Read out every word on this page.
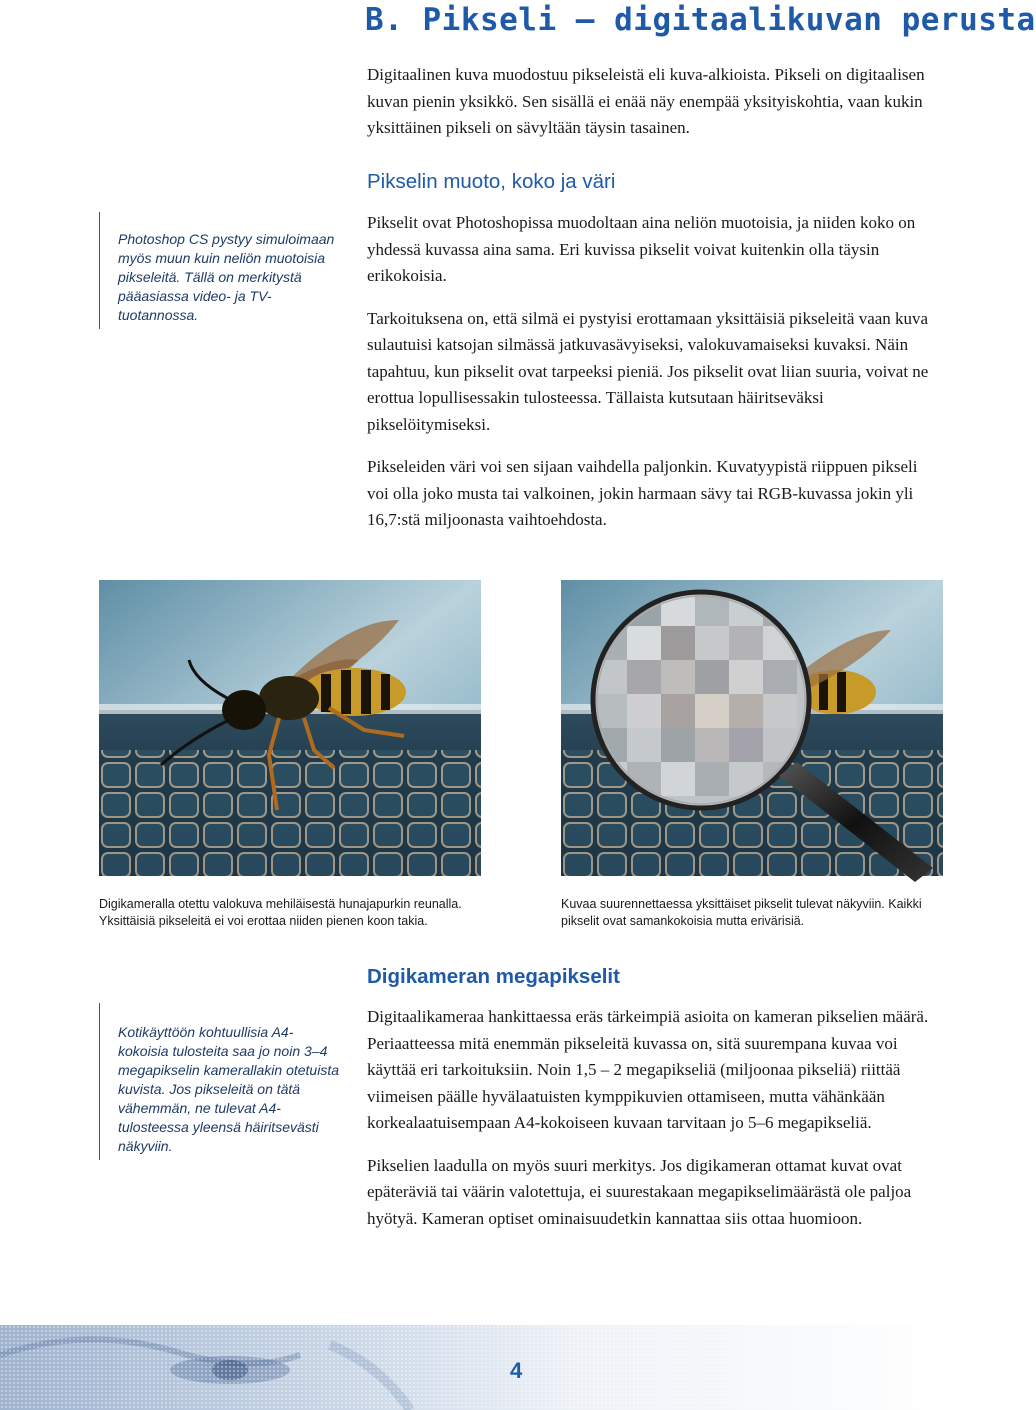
B. Pikseli – digitaalikuvan perusta

Digitaalinen kuva muodostuu pikseleistä eli kuva-alkioista. Pikseli on digitaalisen kuvan pienin yksikkö. Sen sisällä ei enää näy enempää yksityiskohtia, vaan kukin yksittäinen pikseli on sävyltään täysin tasainen.

Pikselin muoto, koko ja väri

Pikselit ovat Photoshopissa muodoltaan aina neliön muotoisia, ja niiden koko on yhdessä kuvassa aina sama. Eri kuvissa pikselit voivat kuitenkin olla täysin erikokoisia.

Tarkoituksena on, että silmä ei pystyisi erottamaan yksittäisiä pikseleitä vaan kuva sulautuisi katsojan silmässä jatkuvasävyiseksi, valokuvamaiseksi kuvaksi. Näin tapahtuu, kun pikselit ovat tarpeeksi pieniä. Jos pikselit ovat liian suuria, voivat ne erottua lopullisessakin tulosteessa. Tällaista kutsutaan häiritseväksi pikselöitymiseksi.

Pikseleiden väri voi sen sijaan vaihdella paljonkin. Kuvatyypistä riippuen pikseli voi olla joko musta tai valkoinen, jokin harmaan sävy tai RGB-kuvassa jokin yli 16,7:stä miljoonasta vaihtoehdosta.

Photoshop CS pystyy simuloimaan myös muun kuin neliön muotoisia pikseleitä. Tällä on merkitystä pääasiassa video- ja TV-tuotannossa.

Digikameralla otettu valokuva mehiläisestä hunajapurkin reunalla. Yksittäisiä pikseleitä ei voi erottaa niiden pienen koon takia.

Kuvaa suurennettaessa yksittäiset pikselit tulevat näkyviin. Kaikki pikselit ovat samankokoisia mutta erivärisiä.

Digikameran megapikselit

Digitaalikameraa hankittaessa eräs tärkeimpiä asioita on kameran pikselien määrä. Periaatteessa mitä enemmän pikseleitä kuvassa on, sitä suurempana kuvaa voi käyttää eri tarkoituksiin. Noin 1,5 – 2 megapikseliä (miljoonaa pikseliä) riittää viimeisen päälle hyvälaatuisten kymppikuvien ottamiseen, mutta vähänkään korkealaatuisempaan A4-kokoiseen kuvaan tarvitaan jo 5–6 megapikseliä.

Pikselien laadulla on myös suuri merkitys. Jos digikameran ottamat kuvat ovat epäteräviä tai väärin valotettuja, ei suurestakaan megapikselimäärästä ole paljoa hyötyä. Kameran optiset ominaisuudetkin kannattaa siis ottaa huomioon.

Kotikäyttöön kohtuullisia A4-kokoisia tulosteita saa jo noin 3–4 megapikselin kamerallakin otetuista kuvista. Jos pikseleitä on tätä vähemmän, ne tulevat A4-tulosteessa yleensä häiritsevästi näkyviin.
4
